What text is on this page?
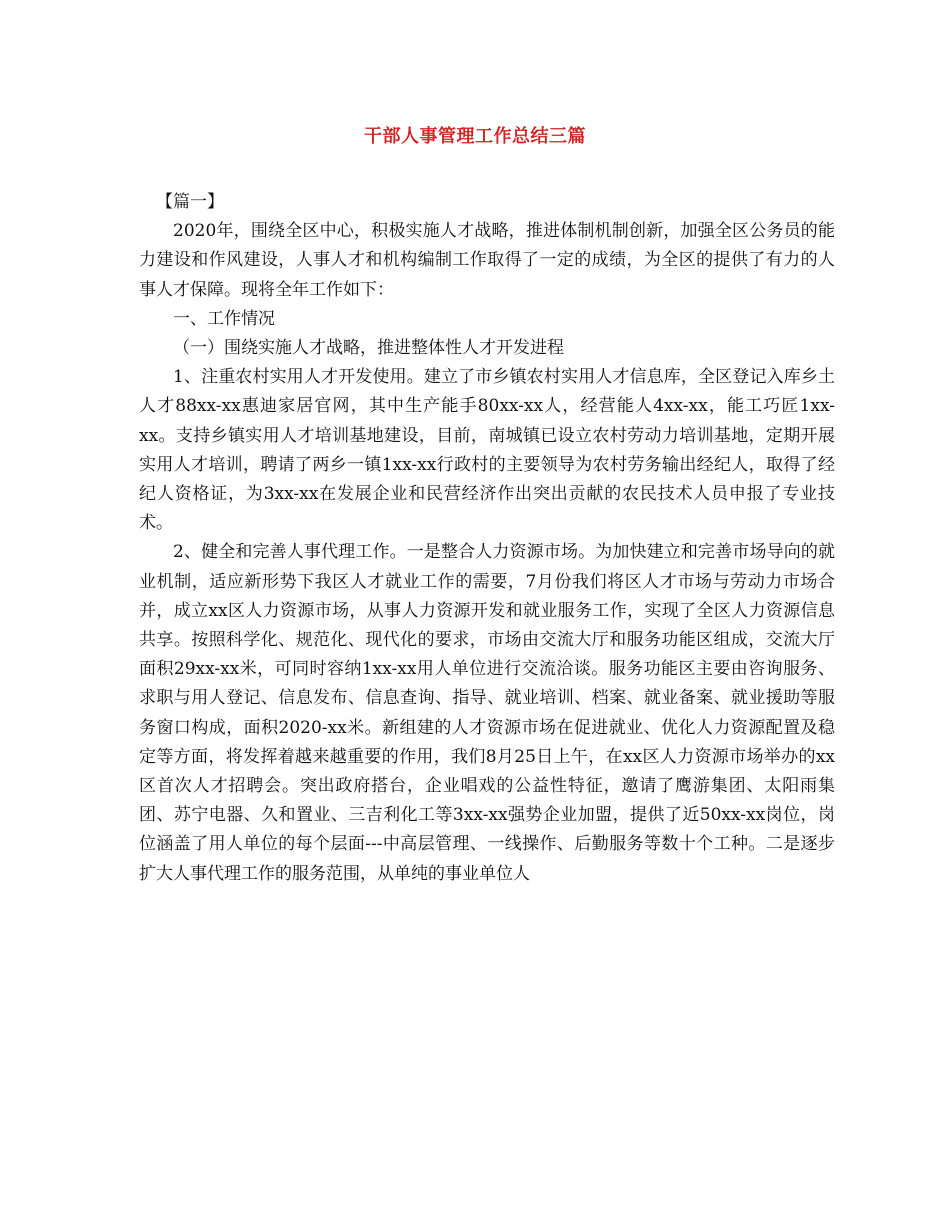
干部人事管理工作总结三篇

【篇一】

2020年，围绕全区中心，积极实施人才战略，推进体制机制创新，加强全区公务员的能力建设和作风建设，人事人才和机构编制工作取得了一定的成绩，为全区的提供了有力的人事人才保障。现将全年工作如下：

一、工作情况

（一）围绕实施人才战略，推进整体性人才开发进程

1、注重农村实用人才开发使用。建立了市乡镇农村实用人才信息库，全区登记入库乡土人才88xx-xx惠迪家居官网，其中生产能手80xx-xx人，经营能人4xx-xx，能工巧匠1xx-xx。支持乡镇实用人才培训基地建设，目前，南城镇已设立农村劳动力培训基地，定期开展实用人才培训，聘请了两乡一镇1xx-xx行政村的主要领导为农村劳务输出经纪人，取得了经纪人资格证，为3xx-xx在发展企业和民营经济作出突出贡献的农民技术人员申报了专业技术。

2、健全和完善人事代理工作。一是整合人力资源市场。为加快建立和完善市场导向的就业机制，适应新形势下我区人才就业工作的需要，7月份我们将区人才市场与劳动力市场合并，成立xx区人力资源市场，从事人力资源开发和就业服务工作，实现了全区人力资源信息共享。按照科学化、规范化、现代化的要求，市场由交流大厅和服务功能区组成，交流大厅面积29xx-xx米，可同时容纳1xx-xx用人单位进行交流洽谈。服务功能区主要由咨询服务、求职与用人登记、信息发布、信息查询、指导、就业培训、档案、就业备案、就业援助等服务窗口构成，面积2020-xx米。新组建的人才资源市场在促进就业、优化人力资源配置及稳定等方面，将发挥着越来越重要的作用，我们8月25日上午，在xx区人力资源市场举办的xx区首次人才招聘会。突出政府搭台，企业唱戏的公益性特征，邀请了鹰游集团、太阳雨集团、苏宁电器、久和置业、三吉利化工等3xx-xx强势企业加盟，提供了近50xx-xx岗位，岗位涵盖了用人单位的每个层面---中高层管理、一线操作、后勤服务等数十个工种。二是逐步扩大人事代理工作的服务范围，从单纯的事业单位人
